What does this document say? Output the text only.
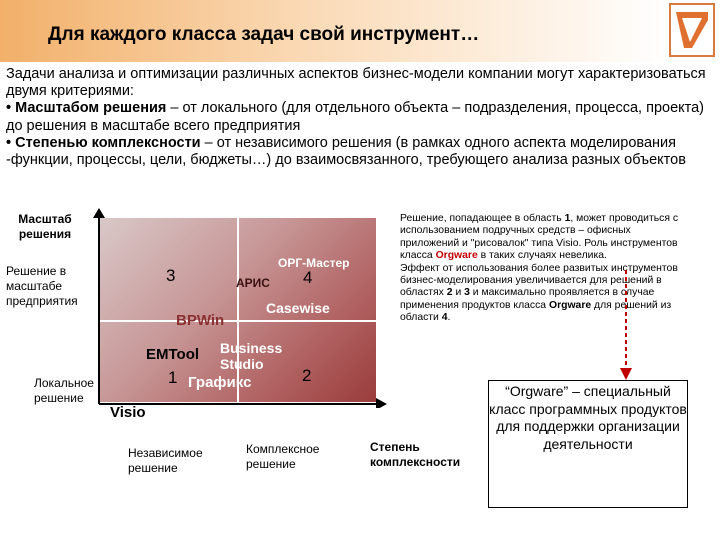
Для каждого класса задач свой инструмент…

Задачи анализа и оптимизации различных аспектов бизнес-модели компании могут характеризоваться двумя критериями:

• Масштабом решения – от локального (для отдельного объекта – подразделения, процесса, проекта) до решения в масштабе всего предприятия

• Степенью комплексности – от независимого решения (в рамках одного аспекта моделирования -функции, процессы, цели, бюджеты…) до взаимосвязанного, требующего анализа разных объектов

Масштаб решения
Решение в масштабе предприятия
Локальное решение
3	4
1	2
ОРГ-Мастер
АРИС
Casewise
BPWin
EMTool Business Studio
Графикс
Visio
Независимое решение
Комплексное решение
Степень комплексности
Решение, попадающее в область 1, может проводиться с использованием подручных средств – офисных приложений и "рисовалок" типа Visio. Роль инструментов класса Orgware в таких случаях невелика.
Эффект от использования более развитых инструментов бизнес-моделирования увеличивается для решений в областях 2 и 3 и максимально проявляется в случае применения продуктов класса Orgware для решений из области 4.
“Orgware” – специальный класс программных продуктов для поддержки организации деятельности
